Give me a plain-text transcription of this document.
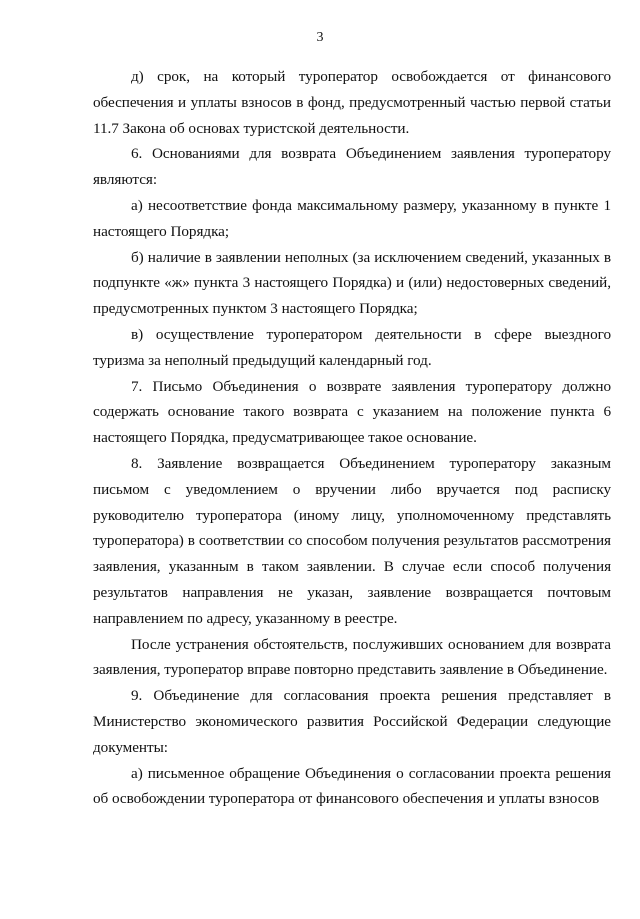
3

д) срок, на который туроператор освобождается от финансового обеспечения и уплаты взносов в фонд, предусмотренный частью первой статьи 11.7 Закона об основах туристской деятельности.

6. Основаниями для возврата Объединением заявления туроператору являются:

а) несоответствие фонда максимальному размеру, указанному в пункте 1 настоящего Порядка;

б) наличие в заявлении неполных (за исключением сведений, указанных в подпункте «ж» пункта 3 настоящего Порядка) и (или) недостоверных сведений, предусмотренных пунктом 3 настоящего Порядка;

в) осуществление туроператором деятельности в сфере выездного туризма за неполный предыдущий календарный год.

7. Письмо Объединения о возврате заявления туроператору должно содержать основание такого возврата с указанием на положение пункта 6 настоящего Порядка, предусматривающее такое основание.

8. Заявление возвращается Объединением туроператору заказным письмом с уведомлением о вручении либо вручается под расписку руководителю туроператора (иному лицу, уполномоченному представлять туроператора) в соответствии со способом получения результатов рассмотрения заявления, указанным в таком заявлении. В случае если способ получения результатов направления не указан, заявление возвращается почтовым направлением по адресу, указанному в реестре.

После устранения обстоятельств, послуживших основанием для возврата заявления, туроператор вправе повторно представить заявление в Объединение.

9. Объединение для согласования проекта решения представляет в Министерство экономического развития Российской Федерации следующие документы:

а) письменное обращение Объединения о согласовании проекта решения об освобождении туроператора от финансового обеспечения и уплаты взносов
